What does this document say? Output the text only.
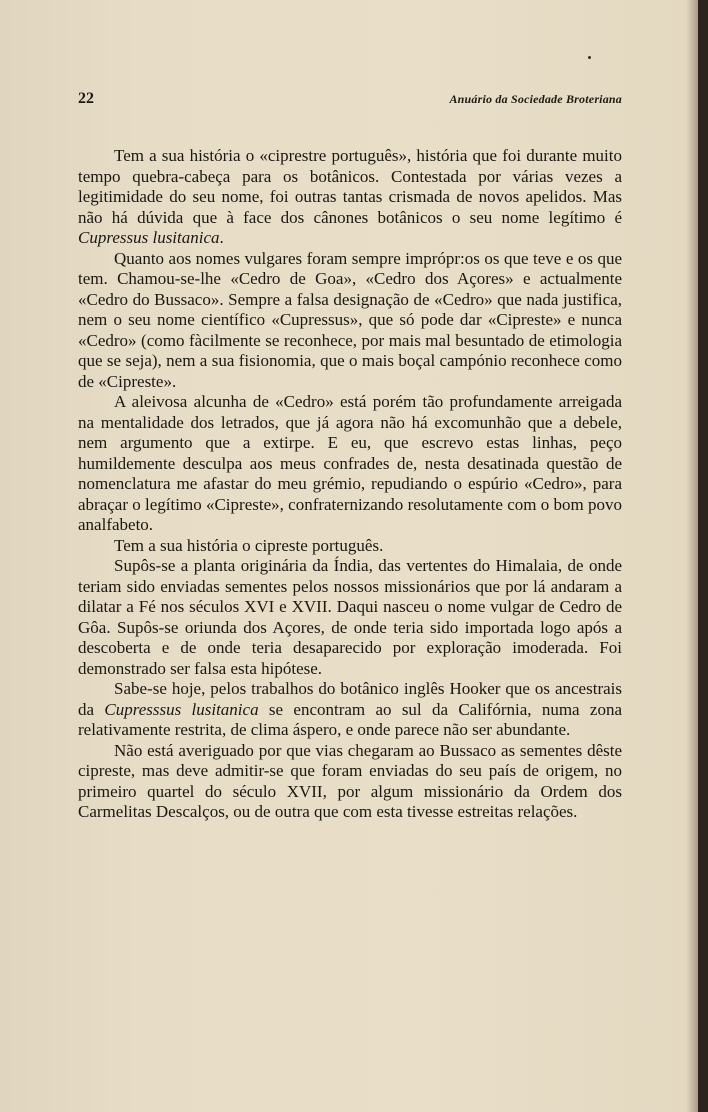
22	Anuário da Sociedade Broteriana

Tem a sua história o «ciprestre português», história que foi durante muito tempo quebra-cabeça para os botânicos. Contestada por várias vezes a legitimidade do seu nome, foi outras tantas crismada de novos apelidos. Mas não há dúvida que à face dos cânones botânicos o seu nome legítimo é Cupressus lusitanica.

Quanto aos nomes vulgares foram sempre imprópr:os os que teve e os que tem. Chamou-se-lhe «Cedro de Goa», «Cedro dos Açores» e actualmente «Cedro do Bussaco». Sempre a falsa designação de «Cedro» que nada justifica, nem o seu nome científico «Cupressus», que só pode dar «Cipreste» e nunca «Cedro» (como fàcilmente se reconhece, por mais mal besuntado de etimologia que se seja), nem a sua fisionomia, que o mais boçal campónio reconhece como de «Cipreste».

A aleivosa alcunha de «Cedro» está porém tão profundamente arreigada na mentalidade dos letrados, que já agora não há excomunhão que a debele, nem argumento que a extirpe. E eu, que escrevo estas linhas, peço humildemente desculpa aos meus confrades de, nesta desatinada questão de nomenclatura me afastar do meu grémio, repudiando o espúrio «Cedro», para abraçar o legítimo «Cipreste», confraternizando resolutamente com o bom povo analfabeto.

Tem a sua história o cipreste português.

Supôs-se a planta originária da Índia, das vertentes do Himalaia, de onde teriam sido enviadas sementes pelos nossos missionários que por lá andaram a dilatar a Fé nos séculos XVI e XVII. Daqui nasceu o nome vulgar de Cedro de Gôa. Supôs-se oriunda dos Açores, de onde teria sido importada logo após a descoberta e de onde teria desaparecido por exploração imoderada. Foi demonstrado ser falsa esta hipótese.

Sabe-se hoje, pelos trabalhos do botânico inglês Hooker que os ancestrais da Cupresssus lusitanica se encontram ao sul da Califórnia, numa zona relativamente restrita, de clima áspero, e onde parece não ser abundante.

Não está averiguado por que vias chegaram ao Bussaco as sementes dêste cipreste, mas deve admitir-se que foram enviadas do seu país de origem, no primeiro quartel do século XVII, por algum missionário da Ordem dos Carmelitas Descalços, ou de outra que com esta tivesse estreitas relações.
